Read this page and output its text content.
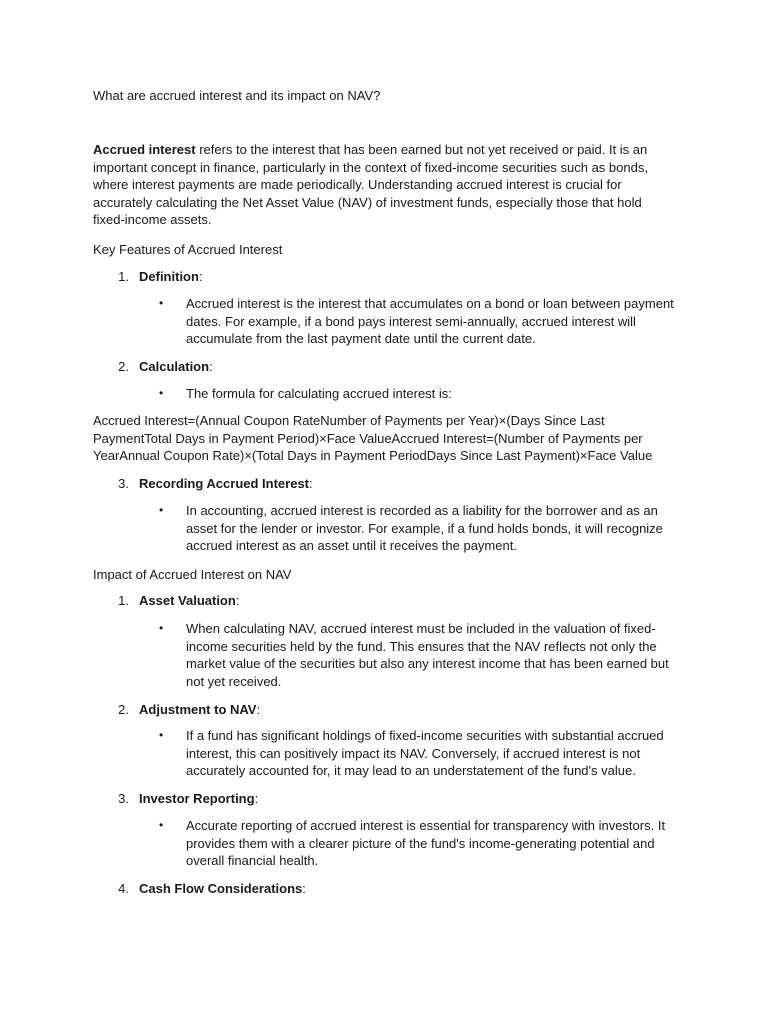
What are accrued interest and its impact on NAV?

Accrued interest refers to the interest that has been earned but not yet received or paid. It is an important concept in finance, particularly in the context of fixed-income securities such as bonds, where interest payments are made periodically. Understanding accrued interest is crucial for accurately calculating the Net Asset Value (NAV) of investment funds, especially those that hold fixed-income assets.

Key Features of Accrued Interest

1. Definition:
• Accrued interest is the interest that accumulates on a bond or loan between payment dates. For example, if a bond pays interest semi-annually, accrued interest will accumulate from the last payment date until the current date.

2. Calculation:
• The formula for calculating accrued interest is:

Accrued Interest=(Annual Coupon RateNumber of Payments per Year)×(Days Since Last PaymentTotal Days in Payment Period)×Face ValueAccrued Interest=(Number of Payments per YearAnnual Coupon Rate)×(Total Days in Payment PeriodDays Since Last Payment)×Face Value

3. Recording Accrued Interest:
• In accounting, accrued interest is recorded as a liability for the borrower and as an asset for the lender or investor. For example, if a fund holds bonds, it will recognize accrued interest as an asset until it receives the payment.

Impact of Accrued Interest on NAV

1. Asset Valuation:
• When calculating NAV, accrued interest must be included in the valuation of fixed-income securities held by the fund. This ensures that the NAV reflects not only the market value of the securities but also any interest income that has been earned but not yet received.

2. Adjustment to NAV:
• If a fund has significant holdings of fixed-income securities with substantial accrued interest, this can positively impact its NAV. Conversely, if accrued interest is not accurately accounted for, it may lead to an understatement of the fund's value.

3. Investor Reporting:
• Accurate reporting of accrued interest is essential for transparency with investors. It provides them with a clearer picture of the fund's income-generating potential and overall financial health.

4. Cash Flow Considerations:
